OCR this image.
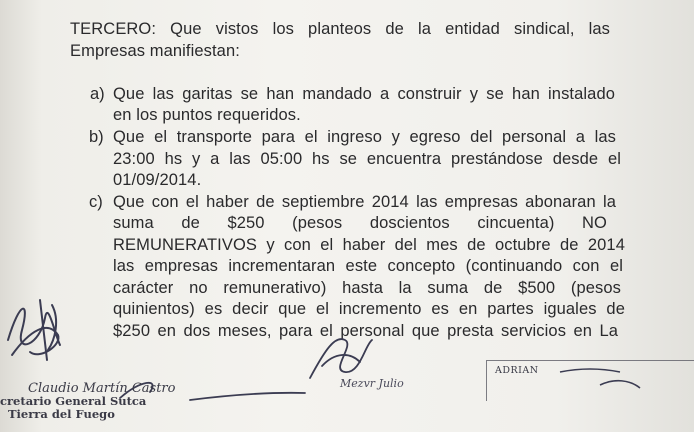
TERCERO: Que vistos los planteos de la entidad sindical, las
Empresas manifiestan:
a) Que las garitas se han mandado a construir y se han instalado
en los puntos requeridos.
b) Que el transporte para el ingreso y egreso del personal a las
23:00 hs y a las 05:00 hs se encuentra prestándose desde el
01/09/2014.
c) Que con el haber de septiembre 2014 las empresas abonaran la
suma de $250 (pesos doscientos cincuenta) NO
REMUNERATIVOS y con el haber del mes de octubre de 2014
las empresas incrementaran este concepto (continuando con el
carácter no remunerativo) hasta la suma de $500 (pesos
quinientos) es decir que el incremento es en partes iguales de
$250 en dos meses, para el personal que presta servicios en La
Claudio Martín Castro
cretario General Sutca
Tierra del Fuego
Mezvr Julio
ADRIAN
